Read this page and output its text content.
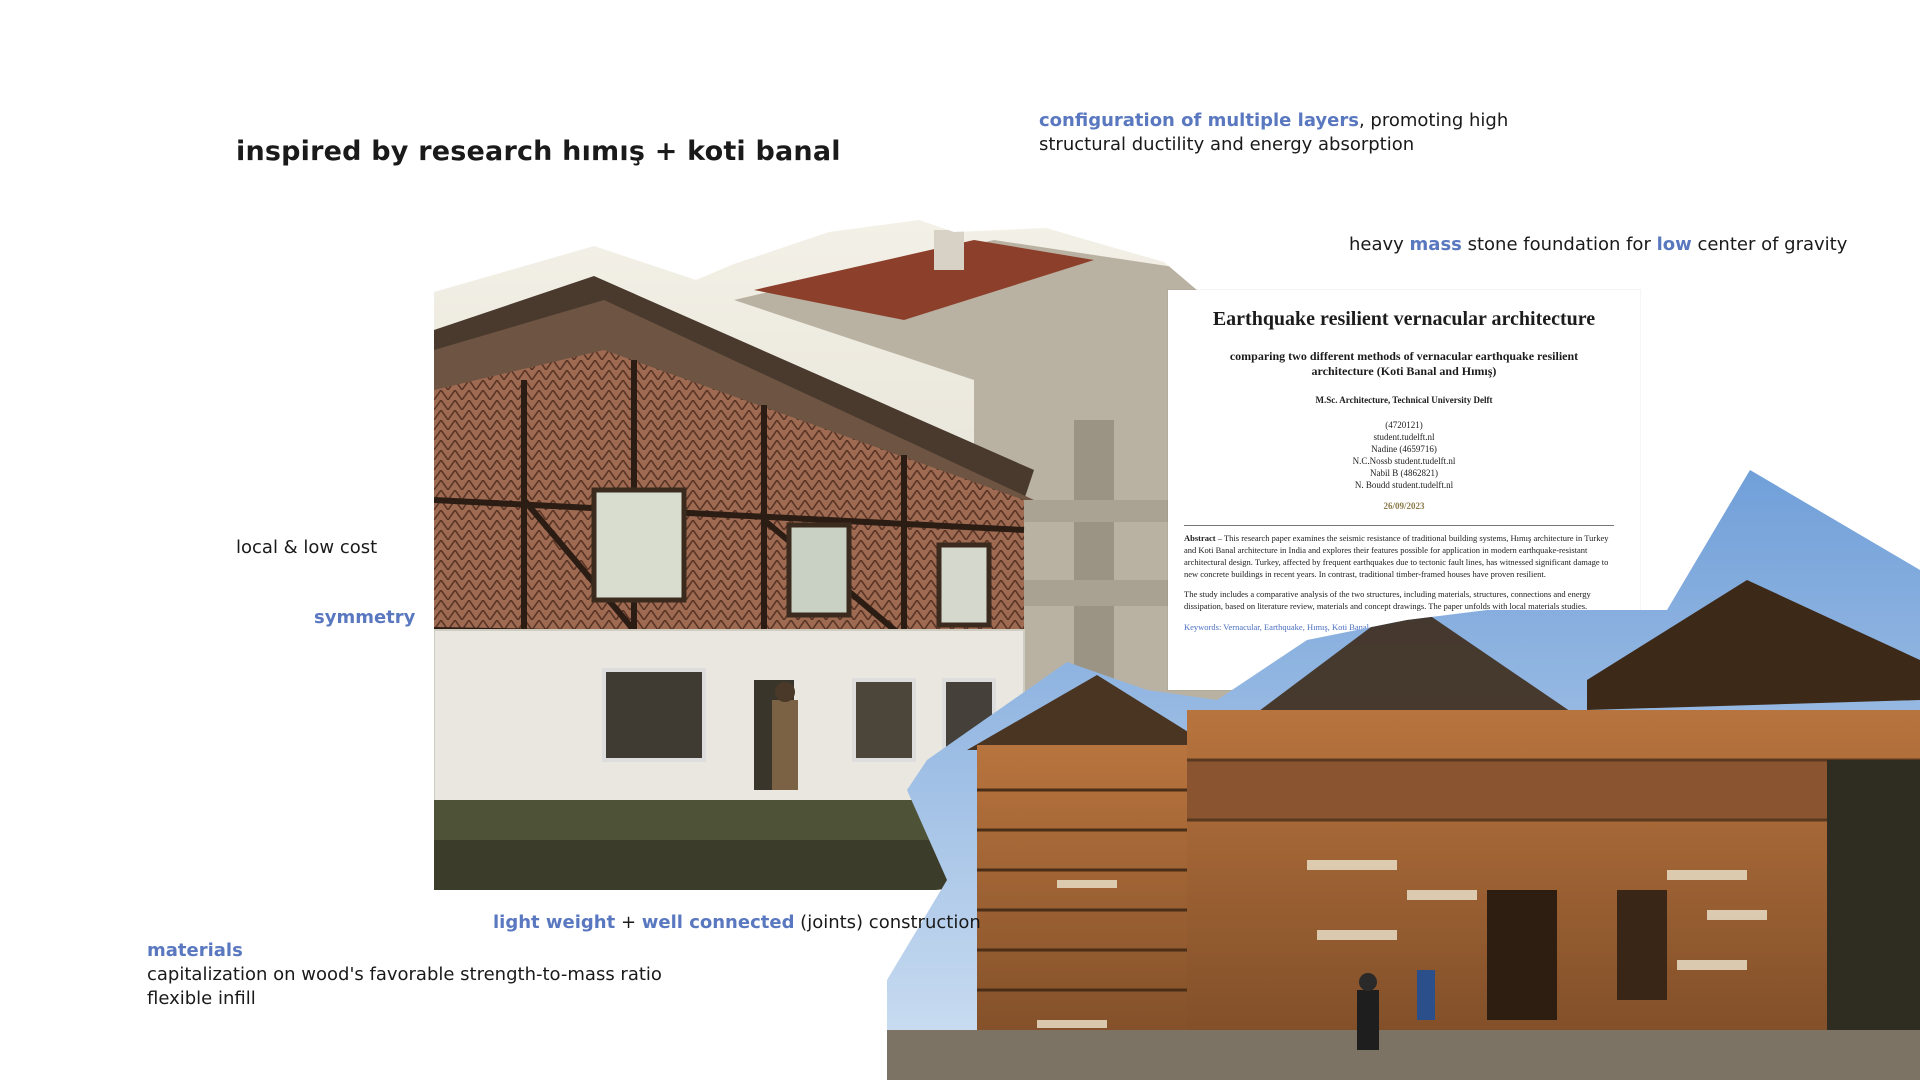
inspired by research hımış + koti banal
configuration of multiple layers, promoting high structural ductility and energy absorption
heavy mass stone foundation for low center of gravity
Earthquake resilient vernacular architecture
comparing two different methods of vernacular earthquake resilient architecture (Koti Banal and Hımış)
M.Sc. Architecture, Technical University Delft
(4720121)
student.tudelft.nl
Nadine (4659716)
N.C.Nossb student.tudelft.nl
Nabil B (4862821)
N. Boudd student.tudelft.nl
26/09/2023
Abstract – This research paper examines the seismic resistance of traditional building systems, Hımış architecture in Turkey and Koti Banal architecture in India and explores their features possible for application in modern earthquake-resistant architectural design. Turkey, affected by frequent earthquakes due to tectonic fault lines, has witnessed significant damage to new concrete buildings in recent years. In contrast, traditional timber-framed houses have proven resilient.
The study includes a comparative analysis of the two structures, including materials, structures, connections and energy dissipation, based on literature review, materials and concept drawings. The paper unfolds with local materials studies.
Keywords: Vernacular, Earthquake, Hımış, Koti Banal
local & low cost
symmetry
light weight + well connected (joints) construction
materials
capitalization on wood's favorable strength-to-mass ratio
flexible infill
